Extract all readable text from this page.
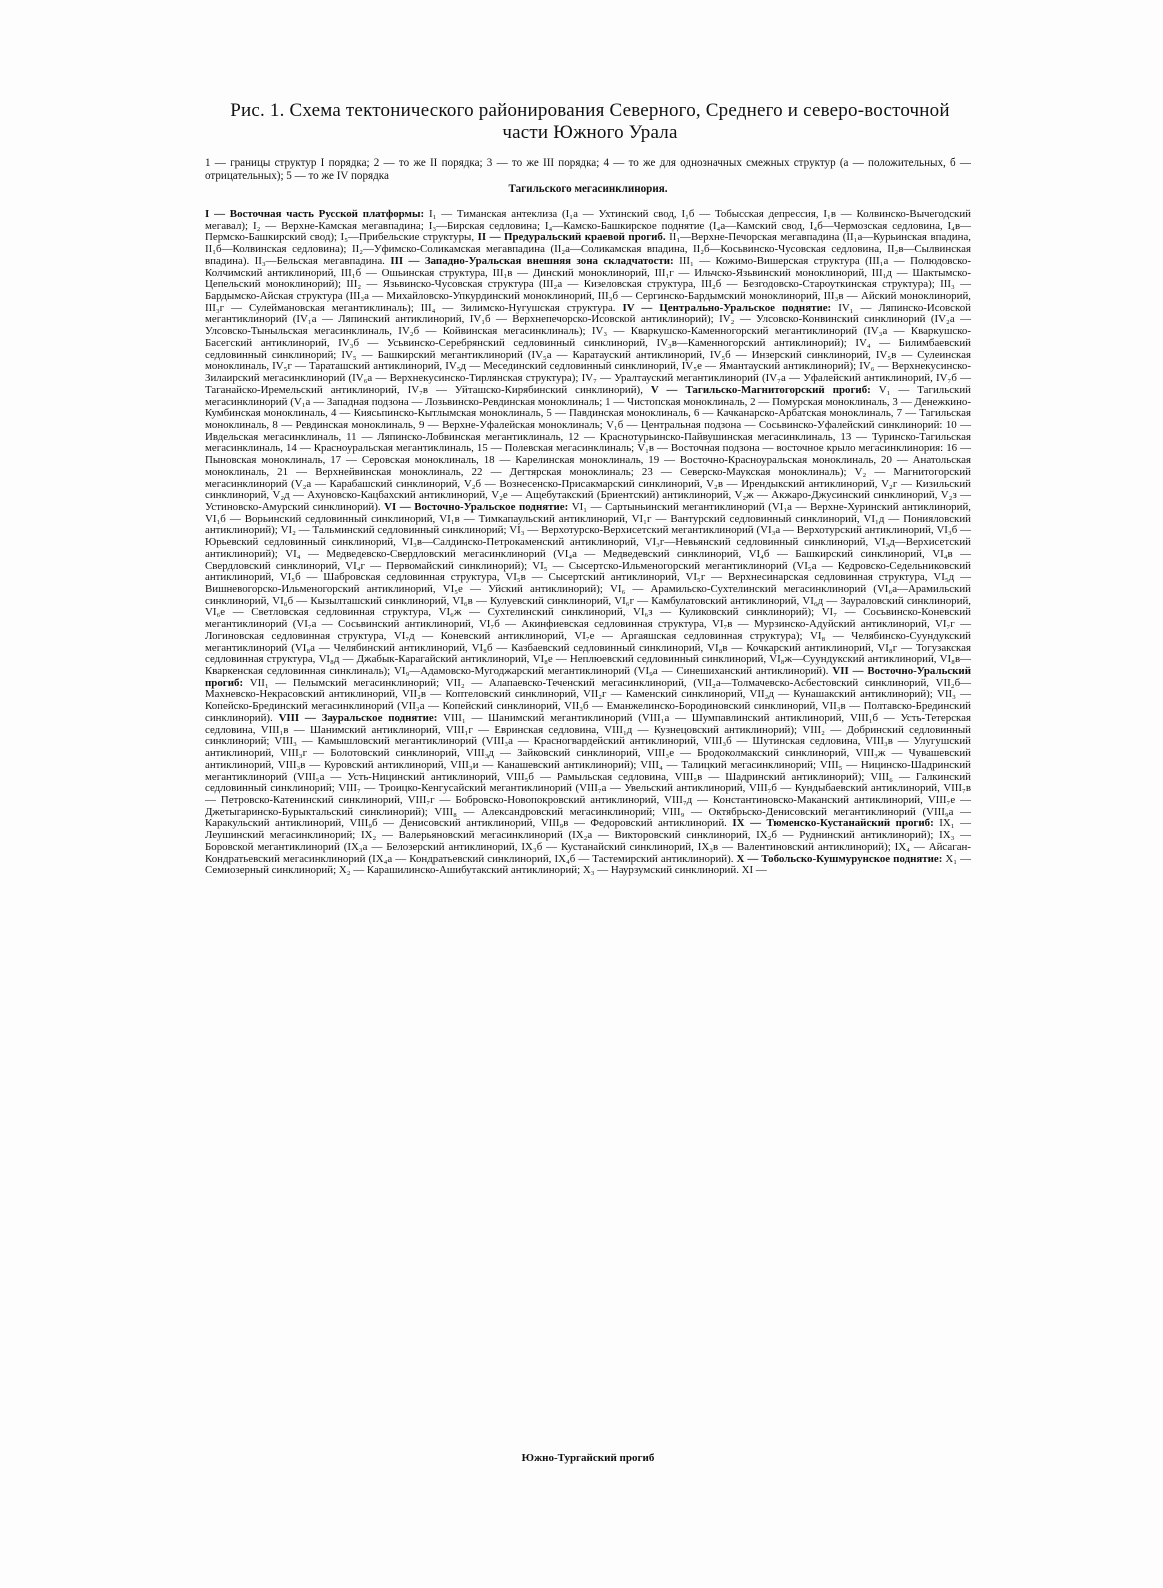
Рис. 1. Схема тектонического районирования Северного, Среднего и северо-восточной
части Южного Урала
1 — границы структур I порядка; 2 — то же II порядка; 3 — то же III порядка; 4 — то же для однозначных смежных структур (а — положительных, б — отрицательных); 5 — то же IV порядка
Тагильского мегасинклинория.
I — Восточная часть Русской платформы: I₁ — Тиманская антеклиза (I₁а — Ухтинский свод, I₁б — Тобысская депрессия, I₁в — Колвинско-Вычегодский мегавал); I₂ — Верхне-Камская мегавпадина; I₃—Бирская седловина; I₄—Камско-Башкирское поднятие (I₄а—Камский свод, I₄б—Чермозская седловина, I₄в—Пермско-Башкирский свод); I₅—Прибельские структуры, II — Предуральский краевой прогиб. II₁—Верхне-Печорская мегавпадина (II₁а—Курьинская впадина, II₁б—Колвинская седловина); II₂—Уфимско-Соликамская мегавпадина (II₂а—Соликамская впадина, II₂б—Косьвинско-Чусовская седловина, II₂в—Сылвинская впадина). II₃—Бельская мегавпадина. III — Западно-Уральская внешняя зона складчатости: III₁ — Кожимо-Вишерская структура (III₁а — Полюдовско-Колчимский антиклинорий, III₁б — Ошьинская структура, III₁в — Динский моноклинорий, III₁г — Ильчско-Язьвинский моноклинорий, III₁д — Шактымско-Цепельский моноклинорий); III₂ — Язьвинско-Чусовская структура (III₂а — Кизеловская структура, III₂б — Безгодовско-Староуткинская структура); III₃ — Бардымско-Айская структура (III₃а — Михайловско-Упкурдинский моноклинорий, III₃б — Сергинско-Бардымский моноклинорий, III₃в — Айский моноклинорий, III₃г — Сулеймановская мегантиклиналь); III₄ — Зилимско-Нугушская структура. IV — Центрально-Уральское поднятие: IV₁ — Ляпинско-Исовской мегантиклинорий (IV₁а — Ляпинский антиклинорий, IV₁б — Верхнепечорско-Исовской антиклинорий); IV₂ — Улсовско-Конвинский синклинорий (IV₂а — Улсовско-Тыныльская мегасинклиналь, IV₂б — Койвинская мегасинклиналь); IV₃ — Кваркушско-Каменногорский мегантиклинорий (IV₃а — Кваркушско-Басегский антиклинорий, IV₃б — Усьвинско-Серебрянский седловинный синклинорий, IV₃в—Каменногорский антиклинорий); IV₄ — Билимбаевский седловинный синклинорий; IV₅ — Башкирский мегантиклинорий (IV₅а — Каратауский антиклинорий, IV₅б — Инзерский синклинорий, IV₅в — Сулеинская моноклиналь, IV₅г — Тараташский антиклинорий, IV₅д — Месединский седловинный синклинорий, IV₅е — Ямантауский антиклинорий); IV₆ — Верхнекусинско-Зилаирский мегасинклинорий (IV₆а — Верхнекусинско-Тирлянская структура); IV₇ — Уралтауский мегантиклинорий (IV₇а — Уфалейский антиклинорий, IV₇б — Таганайско-Иремельский антиклинорий, IV₇в — Уйташско-Кирябинский синклинорий), V — Тагильско-Магнитогорский прогиб: V₁ — Тагильский мегасинклинорий (V₁а — Западная подзона — Лозьвинско-Ревдинская моноклиналь; 1 — Чистопская моноклиналь, 2 — Помурская моноклиналь, 3 — Денежкино-Кумбинская моноклиналь, 4 — Киясьпинско-Кытлымская моноклиналь, 5 — Павдинская моноклиналь, 6 — Качканарско-Арбатская моноклиналь, 7 — Тагильская моноклиналь, 8 — Ревдинская моноклиналь, 9 — Верхне-Уфалейская моноклиналь; V₁б — Центральная подзона — Сосьвинско-Уфалейский синклинорий: 10 — Ивдельская мегасинклиналь, 11 — Ляпинско-Лобвинская мегантиклиналь, 12 — Краснотурьинско-Пайвушинская мегасинклиналь, 13 — Туринско-Тагильская мегасинклиналь, 14 — Красноуральская мегантиклиналь, 15 — Полевская мегасинклиналь; V₁в — Восточная подзона — восточное крыло мегасинклинория: 16 — Пыновская моноклиналь, 17 — Серовская моноклиналь, 18 — Карелинская моноклиналь, 19 — Восточно-Красноуральская моноклиналь, 20 — Анатольская моноклиналь, 21 — Верхнейвинская моноклиналь, 22 — Дегтярская моноклиналь; 23 — Северско-Маукская моноклиналь); V₂ — Магнитогорский мегасинклинорий (V₂а — Карабашский синклинорий, V₂б — Вознесенско-Присакмарский синклинорий, V₂в — Ирендыкский антиклинорий, V₂г — Кизильский синклинорий, V₂д — Ахуновско-Кацбахский антиклинорий, V₂е — Ащебутакский (Бриентский) антиклинорий, V₂ж — Акжаро-Джусинский синклинорий, V₂з — Устиновско-Амурский синклинорий). VI — Восточно-Уральское поднятие: VI₁ — Сартыньинский мегантиклинорий (VI₁а — Верхне-Хуринский антиклинорий, VI₁б — Ворьинский седловинный синклинорий, VI₁в — Тимкапаульский антиклинорий, VI₁г — Вантурский седловинный синклинорий, VI₁д — Понияловский антиклинорий); VI₂ — Тальминский седловинный синклинорий; VI₃ — Верхотурско-Верхисетский мегантиклинорий (VI₃а — Верхотурский антиклинорий, VI₃б — Юрьевский седловинный синклинорий, VI₃в—Салдинско-Петрокаменский антиклинорий, VI₃г—Невьянский седловинный синклинорий, VI₃д—Верхисетский антиклинорий); VI₄ — Медведевско-Свердловский мегасинклинорий (VI₄а — Медведевский синклинорий, VI₄б — Башкирский синклинорий, VI₄в — Свердловский синклинорий, VI₄г — Первомайский синклинорий); VI₅ — Сысертско-Ильменогорский мегантиклинорий (VI₅а — Кедровско-Седельниковский антиклинорий, VI₅б — Шабровская седловинная структура, VI₅в — Сысертский антиклинорий, VI₅г — Верхнесинарская седловинная структура, VI₅д — Вишневогорско-Ильменогорский антиклинорий, VI₅е — Уйский антиклинорий); VI₆ — Арамильско-Сухтелинский мегасинклинорий (VI₆а—Арамильский синклинорий, VI₆б — Кызылташский синклинорий, VI₆в — Кулуевский синклинорий, VI₆г — Камбулатовский антиклинорий, VI₆д — Зауралoвский синклинорий, VI₆е — Светловская седловинная структура, VI₆ж — Сухтелинский синклинорий, VI₆з — Куликовский синклинорий); VI₇ — Сосьвинско-Коневский мегантиклинорий (VI₇а — Сосьвинский антиклинорий, VI₇б — Акинфиевская седловинная структура, VI₇в — Мурзинско-Адуйский антиклинорий, VI₇г — Логиновская седловинная структура, VI₇д — Коневский антиклинорий, VI₇е — Аргаяшская седловинная структура); VI₈ — Челябинско-Суундукский мегантиклинорий (VI₈а — Челябинский антиклинорий, VI₈б — Казбаевский седловинный синклинорий, VI₈в — Кочкарский антиклинорий, VI₈г — Тогузакская седловинная структура, VI₈д — Джабык-Карагайский антиклинорий, VI₈е — Неплюевский седловинный синклинорий, VI₈ж—Суундукский антиклинорий, VI₈в—Кваркенская седловинная синклиналь); VI₉—Адамовско-Мугоджарский мегантиклинорий (VI₉а — Синешиханский антиклинорий). VII — Восточно-Уральский прогиб: VII₁ — Пелымский мегасинклинорий; VII₂ — Алапаевско-Теченский мегасинклинорий, (VII₂а—Толмачевско-Асбестовский синклинорий, VII₂б—Махневско-Некрасовский антиклинорий, VII₂в — Коптеловский синклинорий, VII₂г — Каменский синклинорий, VII₂д — Кунашакский антиклинорий); VII₃ — Копейско-Брединский мегасинклинорий (VII₃а — Копейский синклинорий, VII₃б — Еманжелинско-Бородиновский синклинорий, VII₃в — Полтавско-Брединский синклинорий). VIII — Зауральское поднятие: VIII₁ — Шанимский мегантиклинорий (VIII₁а — Шумпавлинский антиклинорий, VIII₁б — Усть-Тетерская седловина, VIII₁в — Шанимский антиклинорий, VIII₁г — Евринская седловина, VIII₁д — Кузнецовский антиклинорий); VIII₂ — Добринский седловинный синклинорий; VIII₃ — Камышловский мегантиклинорий (VIII₃а — Красногвардейский антиклинорий, VIII₃б — Шутинская седловина, VIII₃в — Улугушский антиклинорий, VIII₃г — Болотовский синклинорий, VIII₃д — Зайковский синклинорий, VIII₃е — Бродоколмакский синклинорий, VIII₃ж — Чувашевский антиклинорий, VIII₃в — Куровский антиклинорий, VIII₃и — Канашевский антиклинорий); VIII₄ — Талицкий мегасинклинорий; VIII₅ — Ницинско-Шадринский мегантиклинорий (VIII₅а — Усть-Ницинский антиклинорий, VIII₅б — Рамыльская седловина, VIII₅в — Шадринский антиклинорий); VIII₆ — Галкинский седловинный синклинорий; VIII₇ — Троицко-Кенгусайский мегантиклинорий (VIII₇а — Увельский антиклинорий, VIII₇б — Кундыбаевский антиклинорий, VIII₇в — Петровско-Катенинский синклинорий, VIII₇г — Бобровско-Новопокровский антиклинорий, VIII₇д — Константиновско-Маканский антиклинорий, VIII₇е — Джетыгаринско-Бурыктальский синклинорий); VIII₈ — Александровский мегасинклинорий; VIII₉ — Октябрьско-Денисовский мегантиклинорий (VIII₉а — Каракульский антиклинорий, VIII₉б — Денисовский антиклинорий, VIII₉в — Федоровский антиклинорий. IX — Тюменско-Кустанайский прогиб: IX₁ — Леушинский мегасинклинорий; IX₂ — Валерьяновский мегасинклинорий (IX₂а — Викторовский синклинорий, IX₂б — Руднинский антиклинорий); IX₃ — Боровской мегантиклинорий (IX₃а — Белозерский антиклинорий, IX₃б — Кустанайский синклинорий, IX₃в — Валентиновский антиклинорий); IX₄ — Айсаган-Кондратьевский мегасинклинорий (IX₄а — Кондратьевский синклинорий, IX₄б — Тастемирский антиклинорий). X — Тобольско-Кушмурунское поднятие: X₁ — Семиозерный синклинорий; X₂ — Карашилинско-Ашибутакский антиклинорий; X₃ — Наурзумский синклинорий. XI —
Южно-Тургайский прогиб
